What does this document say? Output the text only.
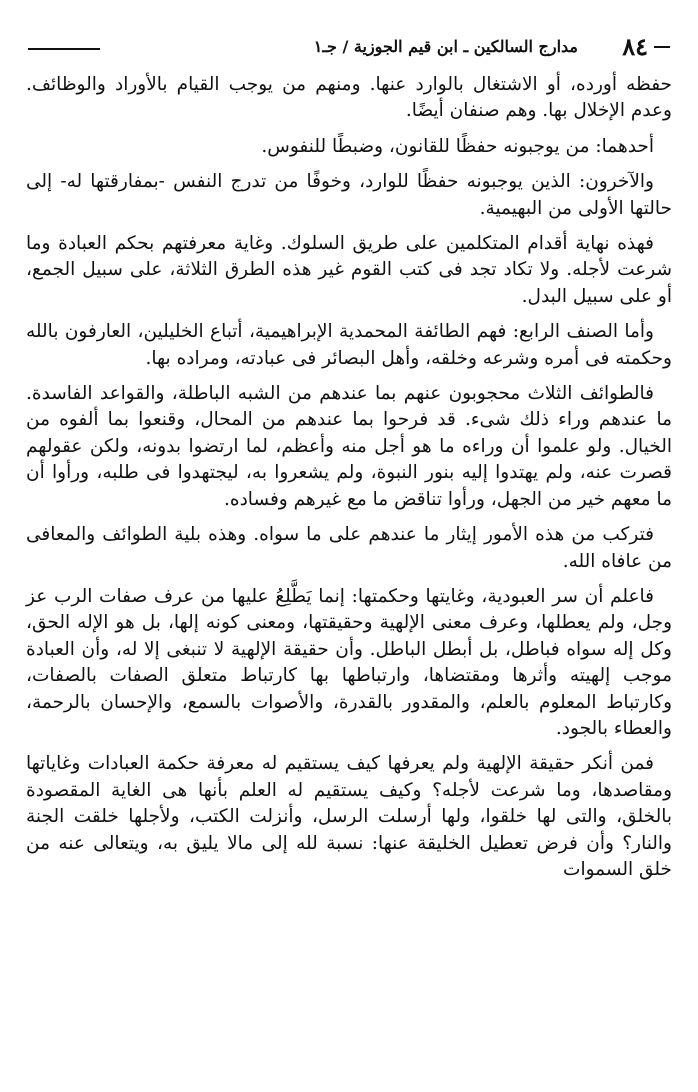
٨٤
مدارج السالكين ـ ابن قيم الجوزية / جـ١

حفظه أورده، أو الاشتغال بالوارد عنها. ومنهم من يوجب القيام بالأوراد والوظائف. وعدم الإخلال بها. وهم صنفان أيضًا.

أحدهما: من يوجبونه حفظًا للقانون، وضبطًا للنفوس.

والآخرون: الذين يوجبونه حفظًا للوارد، وخوفًا من تدرج النفس -بمفارقتها له- إلى حالتها الأولى من البهيمية.

فهذه نهاية أقدام المتكلمين على طريق السلوك. وغاية معرفتهم بحكم العبادة وما شرعت لأجله. ولا تكاد تجد فى كتب القوم غير هذه الطرق الثلاثة، على سبيل الجمع، أو على سبيل البدل.

وأما الصنف الرابع: فهم الطائفة المحمدية الإبراهيمية، أتباع الخليلين، العارفون بالله وحكمته فى أمره وشرعه وخلقه، وأهل البصائر فى عبادته، ومراده بها.

فالطوائف الثلاث محجوبون عنهم بما عندهم من الشبه الباطلة، والقواعد الفاسدة. ما عندهم وراء ذلك شىء. قد فرحوا بما عندهم من المحال، وقنعوا بما ألفوه من الخيال. ولو علموا أن وراءه ما هو أجل منه وأعظم، لما ارتضوا بدونه، ولكن عقولهم قصرت عنه، ولم يهتدوا إليه بنور النبوة، ولم يشعروا به، ليجتهدوا فى طلبه، ورأوا أن ما معهم خير من الجهل، ورأوا تناقض ما مع غيرهم وفساده.

فتركب من هذه الأمور إيثار ما عندهم على ما سواه. وهذه بلية الطوائف والمعافى من عافاه الله.

فاعلم أن سر العبودية، وغايتها وحكمتها: إنما يَطَّلِعُ عليها من عرف صفات الرب عز وجل، ولم يعطلها، وعرف معنى الإلهية وحقيقتها، ومعنى كونه إلها، بل هو الإله الحق، وكل إله سواه فباطل، بل أبطل الباطل. وأن حقيقة الإلهية لا تنبغى إلا له، وأن العبادة موجب إلهيته وأثرها ومقتضاها، وارتباطها بها كارتباط متعلق الصفات بالصفات، وكارتباط المعلوم بالعلم، والمقدور بالقدرة، والأصوات بالسمع، والإحسان بالرحمة، والعطاء بالجود.

فمن أنكر حقيقة الإلهية ولم يعرفها كيف يستقيم له معرفة حكمة العبادات وغاياتها ومقاصدها، وما شرعت لأجله؟ وكيف يستقيم له العلم بأنها هى الغاية المقصودة بالخلق، والتى لها خلقوا، ولها أرسلت الرسل، وأنزلت الكتب، ولأجلها خلقت الجنة والنار؟ وأن فرض تعطيل الخليقة عنها: نسبة لله إلى مالا يليق به، ويتعالى عنه من خلق السموات
